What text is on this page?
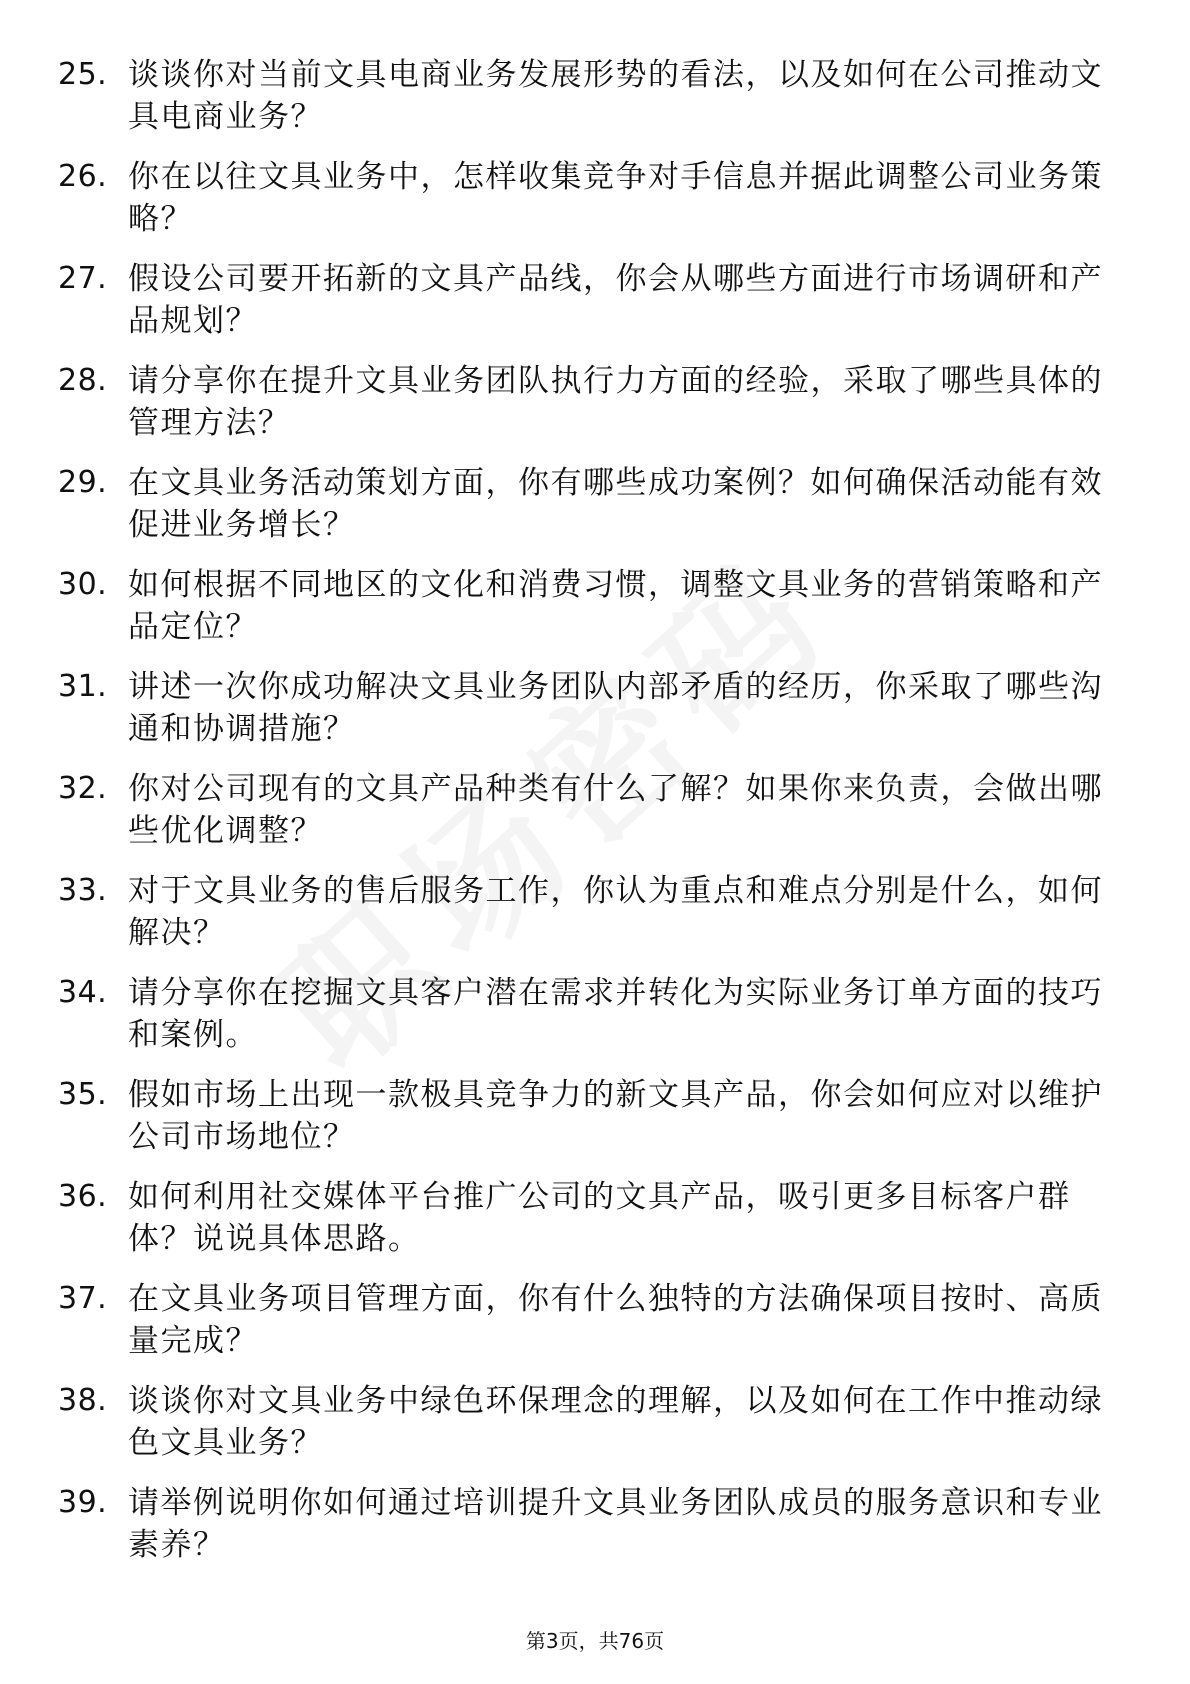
25. 谈谈你对当前文具电商业务发展形势的看法，以及如何在公司推动文具电商业务？
26. 你在以往文具业务中，怎样收集竞争对手信息并据此调整公司业务策略？
27. 假设公司要开拓新的文具产品线，你会从哪些方面进行市场调研和产品规划？
28. 请分享你在提升文具业务团队执行力方面的经验，采取了哪些具体的管理方法？
29. 在文具业务活动策划方面，你有哪些成功案例？如何确保活动能有效促进业务增长？
30. 如何根据不同地区的文化和消费习惯，调整文具业务的营销策略和产品定位？
31. 讲述一次你成功解决文具业务团队内部矛盾的经历，你采取了哪些沟通和协调措施？
32. 你对公司现有的文具产品种类有什么了解？如果你来负责，会做出哪些优化调整？
33. 对于文具业务的售后服务工作，你认为重点和难点分别是什么，如何解决？
34. 请分享你在挖掘文具客户潜在需求并转化为实际业务订单方面的技巧和案例。
35. 假如市场上出现一款极具竞争力的新文具产品，你会如何应对以维护公司市场地位？
36. 如何利用社交媒体平台推广公司的文具产品，吸引更多目标客户群体？说说具体思路。
37. 在文具业务项目管理方面，你有什么独特的方法确保项目按时、高质量完成？
38. 谈谈你对文具业务中绿色环保理念的理解，以及如何在工作中推动绿色文具业务？
39. 请举例说明你如何通过培训提升文具业务团队成员的服务意识和专业素养？
第3页，共76页
